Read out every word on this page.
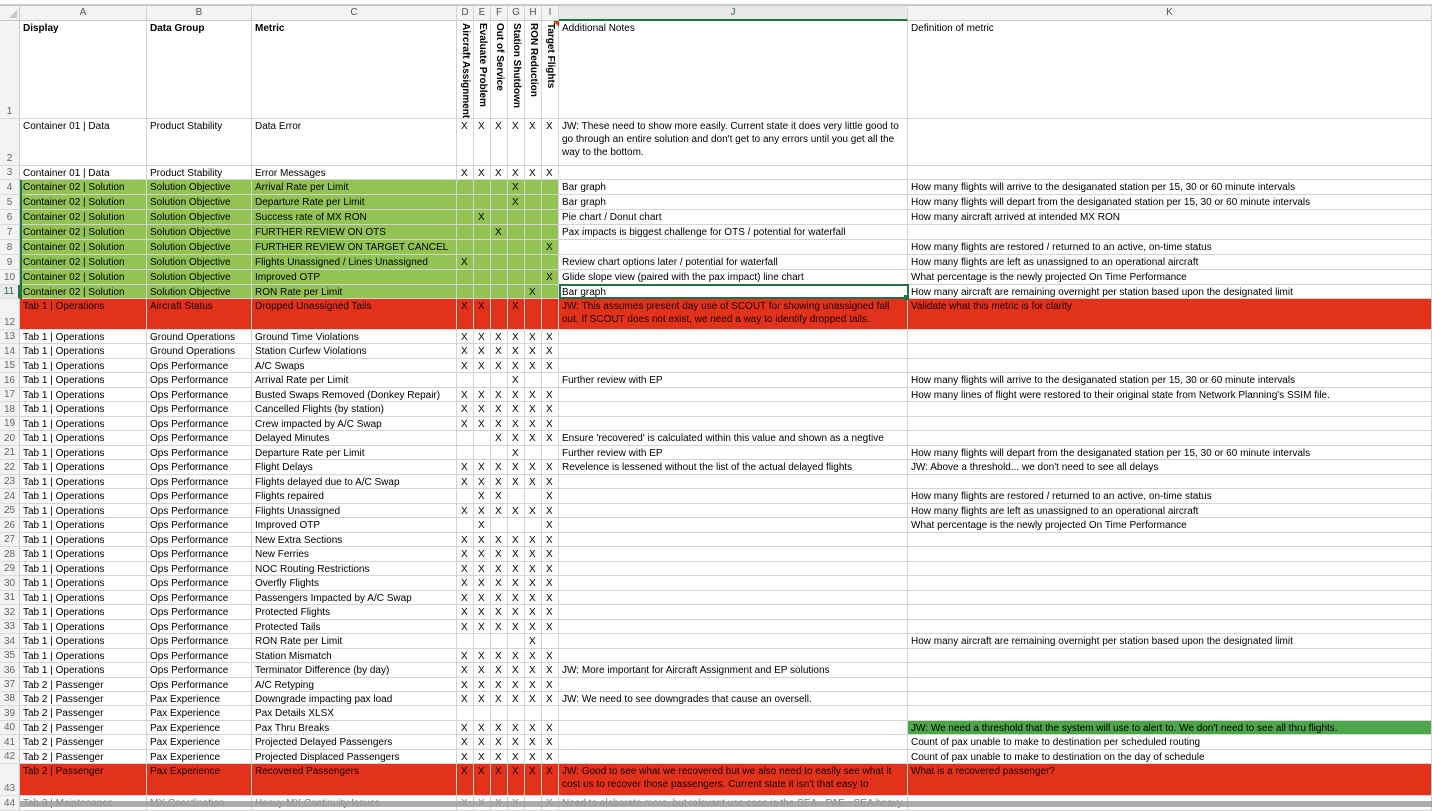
A	B	C	D	E	F	G H	I	J	K
1
Display	Data Group	Metric	Aircraft Assignment Evaluate Problem Out of Service Station Shutdown RON Reduction Target Flights Additional Notes	Definition of metric
2
Container 01 | Data	Product Stability	Data Error	X	X	X	X	X	X JW: These need to show more easily. Current state it does very little good to go through an entire solution and don't get to any errors until you get all the way to the bottom.
3	Container 01 | Data	Product Stability	Error Messages	X	X	X	X	X	X
4	Container 02 | Solution	Solution Objective	Arrival Rate per Limit	X	Bar graph	How many flights will arrive to the desiganated station per 15, 30 or 60 minute intervals
5	Container 02 | Solution	Solution Objective	Departure Rate per Limit	X	Bar graph	How many flights will depart from the desiganated station per 15, 30 or 60 minute intervals
6	Container 02 | Solution	Solution Objective	Success rate of MX RON	X	Pie chart / Donut chart	How many aircraft arrived at intended MX RON
7	Container 02 | Solution	Solution Objective	FURTHER REVIEW ON OTS	X	Pax impacts is biggest challenge for OTS / potential for waterfall
8	Container 02 | Solution	Solution Objective	FURTHER REVIEW ON TARGET CANCEL	X	How many flights are restored / returned to an active, on-time status
9	Container 02 | Solution	Solution Objective	Flights Unassigned / Lines Unassigned	X	Review chart options later / potential for waterfall	How many flights are left as unassigned to an operational aircraft
10 Container 02 | Solution	Solution Objective	Improved OTP	X Glide slope view (paired with the pax impact) line chart	What percentage is the newly projected On Time Performance
11 Container 02 | Solution	Solution Objective	RON Rate per Limit	X	Bar graph	How many aircraft are remaining overnight per station based upon the designated limit
12
Tab 1 | Operations	Aircraft Status	Dropped Unassigned Tails	X	X	X	JW: This assumes present day use of SCOUT for showing unassigned fall out. If SCOUT does not exist, we need a way to identify dropped tails.
Validate what this metric is for clarity
13 Tab 1 | Operations	Ground Operations	Ground Time Violations	X	X	X	X	X	X
14 Tab 1 | Operations	Ground Operations	Station Curfew Violations	X	X	X	X	X	X
15 Tab 1 | Operations	Ops Performance	A/C Swaps	X	X	X	X	X	X
16 Tab 1 | Operations	Ops Performance	Arrival Rate per Limit	X	Further review with EP	How many flights will arrive to the desiganated station per 15, 30 or 60 minute intervals
17 Tab 1 | Operations	Ops Performance	Busted Swaps Removed (Donkey Repair)	X	X	X	X	X	X	How many lines of flight were restored to their original state from Network Planning's SSIM file.
18 Tab 1 | Operations	Ops Performance	Cancelled Flights (by station)	X	X	X	X	X	X
19 Tab 1 | Operations	Ops Performance	Crew impacted by A/C Swap	X	X	X	X	X	X
20 Tab 1 | Operations	Ops Performance	Delayed Minutes	X	X	X	X Ensure 'recovered' is calculated within this value and shown as a negtive
21 Tab 1 | Operations	Ops Performance	Departure Rate per Limit	X	Further review with EP	How many flights will depart from the desiganated station per 15, 30 or 60 minute intervals
22 Tab 1 | Operations	Ops Performance	Flight Delays	X	X	X	X	X	X Revelence is lessened without the list of the actual delayed flights	JW: Above a threshold... we don't need to see all delays
23 Tab 1 | Operations	Ops Performance	Flights delayed due to A/C Swap	X	X	X	X	X	X
24 Tab 1 | Operations	Ops Performance	Flights repaired	X	X	X	How many flights are restored / returned to an active, on-time status
25 Tab 1 | Operations	Ops Performance	Flights Unassigned	X	X	X	X	X	X	How many flights are left as unassigned to an operational aircraft
26 Tab 1 | Operations	Ops Performance	Improved OTP	X	X	What percentage is the newly projected On Time Performance
27 Tab 1 | Operations	Ops Performance	New Extra Sections	X	X	X	X	X	X
28 Tab 1 | Operations	Ops Performance	New Ferries	X	X	X	X	X	X
29 Tab 1 | Operations	Ops Performance	NOC Routing Restrictions	X	X	X	X	X	X
30 Tab 1 | Operations	Ops Performance	Overfly Flights	X	X	X	X	X	X
31 Tab 1 | Operations	Ops Performance	Passengers Impacted by A/C Swap	X	X	X	X	X	X
32 Tab 1 | Operations	Ops Performance	Protected Flights	X	X	X	X	X	X
33 Tab 1 | Operations	Ops Performance	Protected Tails	X	X	X	X	X	X
34 Tab 1 | Operations	Ops Performance	RON Rate per Limit	X	How many aircraft are remaining overnight per station based upon the designated limit
35 Tab 1 | Operations	Ops Performance	Station Mismatch	X	X	X	X	X	X
36 Tab 1 | Operations	Ops Performance	Terminator Difference (by day)	X	X	X	X	X	X JW: More important for Aircraft Assignment and EP solutions
37 Tab 2 | Passenger	Ops Performance	A/C Retyping	X	X	X	X	X	X
38 Tab 2 | Passenger	Pax Experience	Downgrade impacting pax load	X	X	X	X	X	X JW: We need to see downgrades that cause an oversell.
39 Tab 2 | Passenger	Pax Experience	Pax Details XLSX
40 Tab 2 | Passenger	Pax Experience	Pax Thru Breaks	X	X	X	X	X	X	JW: We need a threshold that the system will use to alert to. We don't need to see all thru flights.
41 Tab 2 | Passenger	Pax Experience	Projected Delayed Passengers	X	X	X	X	X	X	Count of pax unable to make to destination per scheduled routing
42 Tab 2 | Passenger	Pax Experience	Projected Displaced Passengers	X	X	X	X	X	X	Count of pax unable to make to destination on the day of schedule
43
Tab 2 | Passenger	Pax Experience	Recovered Passengers	X	X	X	X	X	X JW: Good to see what we recovered but we also need to easily see what it cost us to recover those passengers. Current state it isn't that easy to
What is a recovered passenger?
44
